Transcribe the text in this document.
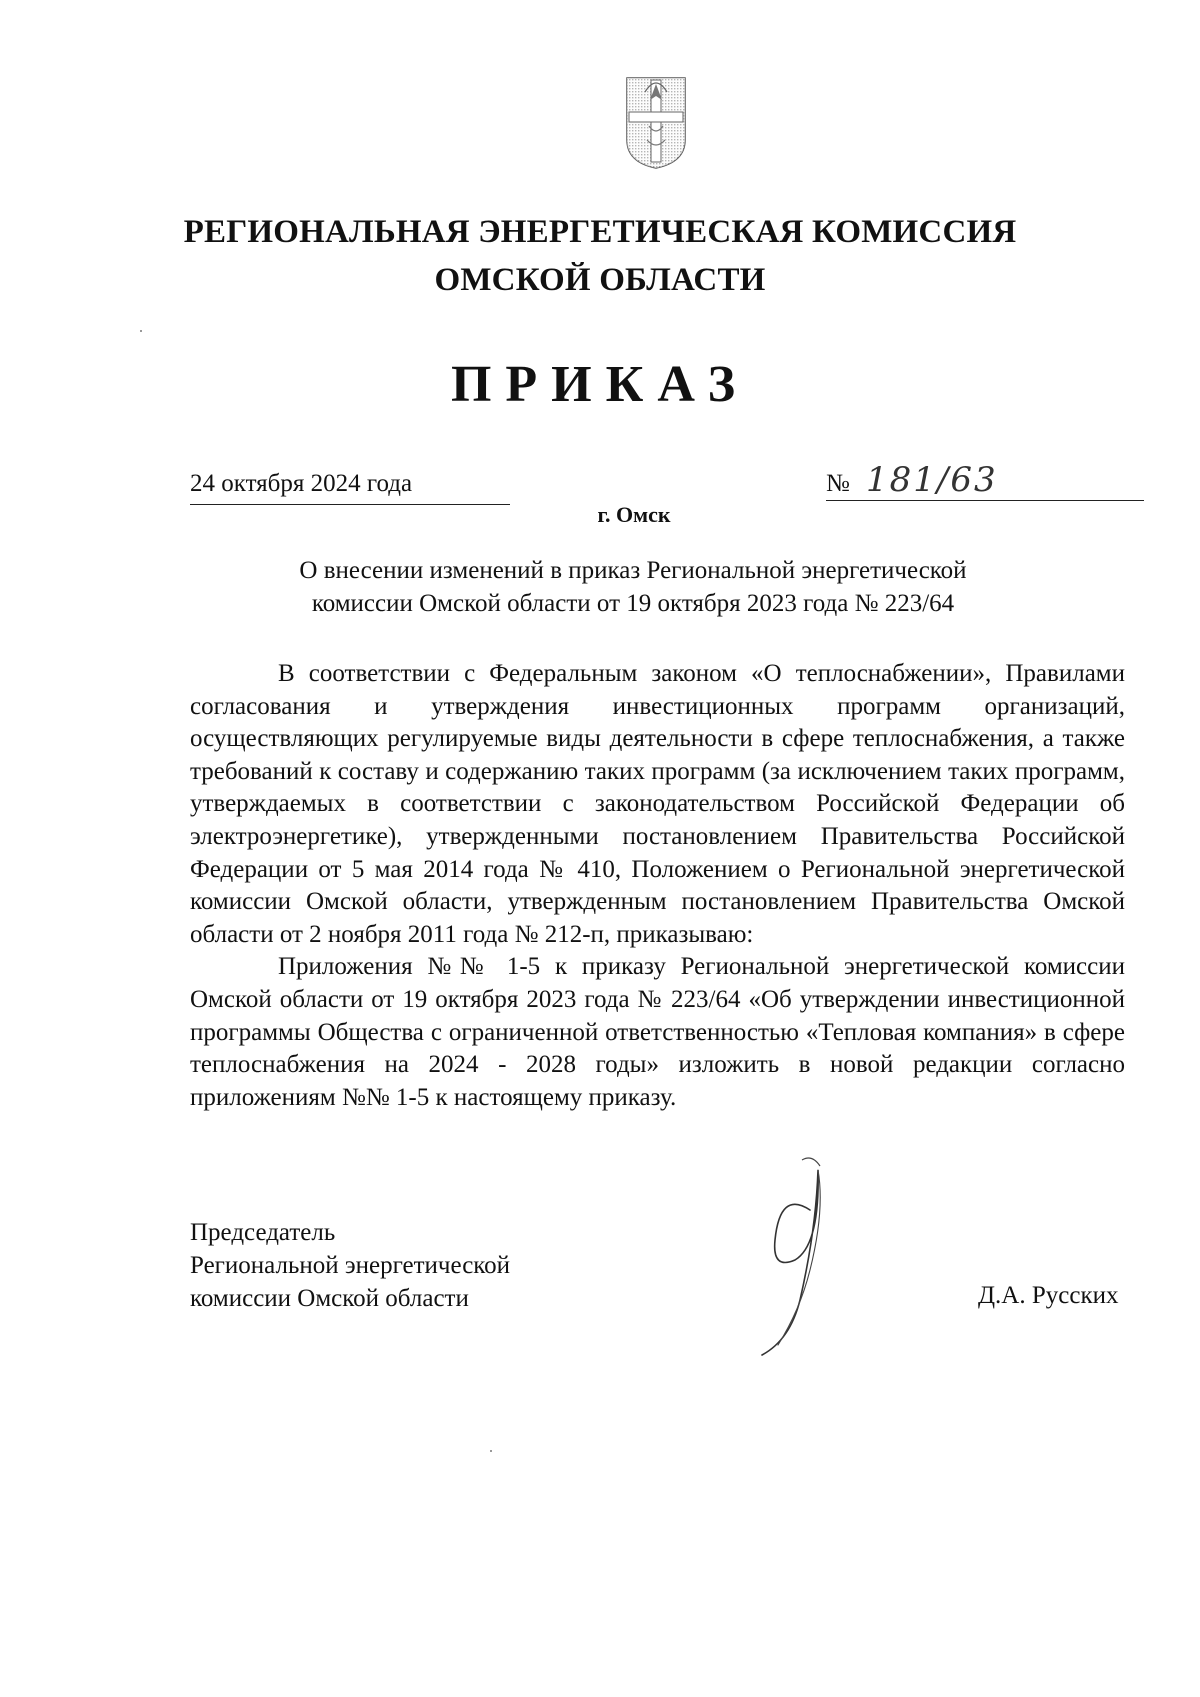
РЕГИОНАЛЬНАЯ ЭНЕРГЕТИЧЕСКАЯ КОМИССИЯ
ОМСКОЙ ОБЛАСТИ
ПРИКАЗ
24 октября 2024 года	№ 181/63
г. Омск
О внесении изменений в приказ Региональной энергетической
комиссии Омской области от 19 октября 2023 года № 223/64

В соответствии с Федеральным законом «О теплоснабжении», Правилами согласования и утверждения инвестиционных программ организаций, осуществляющих регулируемые виды деятельности в сфере теплоснабжения, а также требований к составу и содержанию таких программ (за исключением таких программ, утверждаемых в соответствии с законодательством Российской Федерации об электроэнергетике), утвержденными постановлением Правительства Российской Федерации от 5 мая 2014 года № 410, Положением о Региональной энергетической комиссии Омской области, утвержденным постановлением Правительства Омской области от 2 ноября 2011 года № 212-п, приказываю:

Приложения №№ 1-5 к приказу Региональной энергетической комиссии Омской области от 19 октября 2023 года № 223/64 «Об утверждении инвестиционной программы Общества с ограниченной ответственностью «Тепловая компания» в сфере теплоснабжения на 2024 - 2028 годы» изложить в новой редакции согласно приложениям №№ 1-5 к настоящему приказу.

Председатель
Региональной энергетической
комиссии Омской области	Д.А. Русских
